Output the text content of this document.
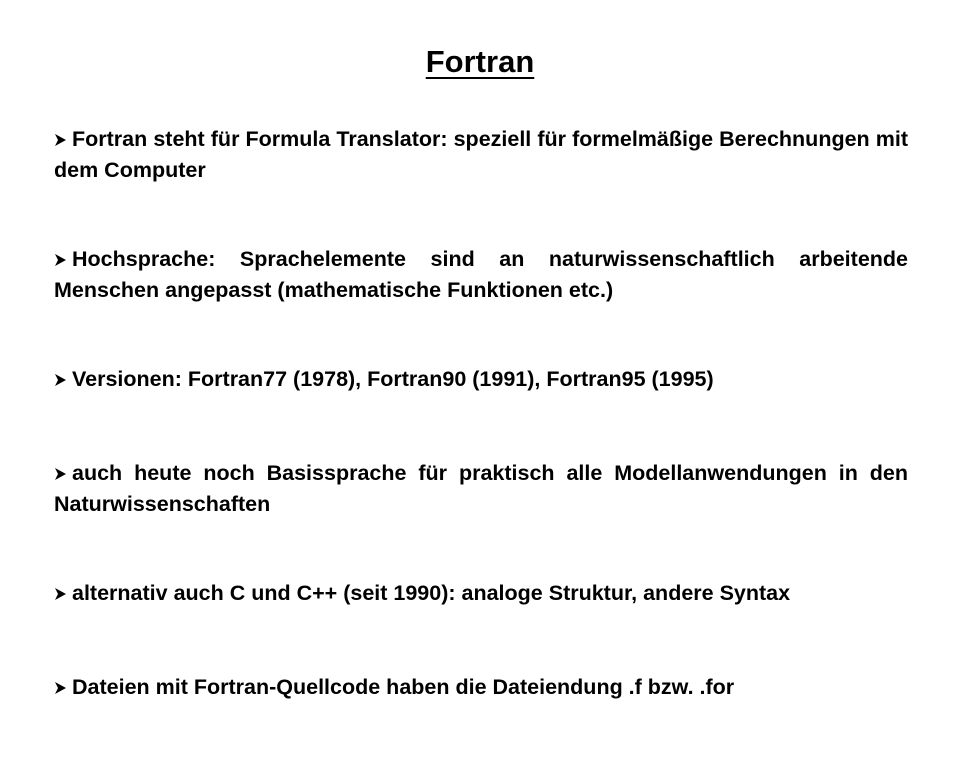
Fortran
Fortran steht für Formula Translator: speziell für formelmäßige Berechnungen mit dem Computer
Hochsprache: Sprachelemente sind an naturwissenschaftlich arbeitende Menschen angepasst (mathematische Funktionen etc.)
Versionen: Fortran77 (1978), Fortran90 (1991), Fortran95 (1995)
auch heute noch Basissprache für praktisch alle Modellanwendungen in den Naturwissenschaften
alternativ auch C und C++ (seit 1990): analoge Struktur, andere Syntax
Dateien mit Fortran-Quellcode haben die Dateiendung .f bzw. .for
